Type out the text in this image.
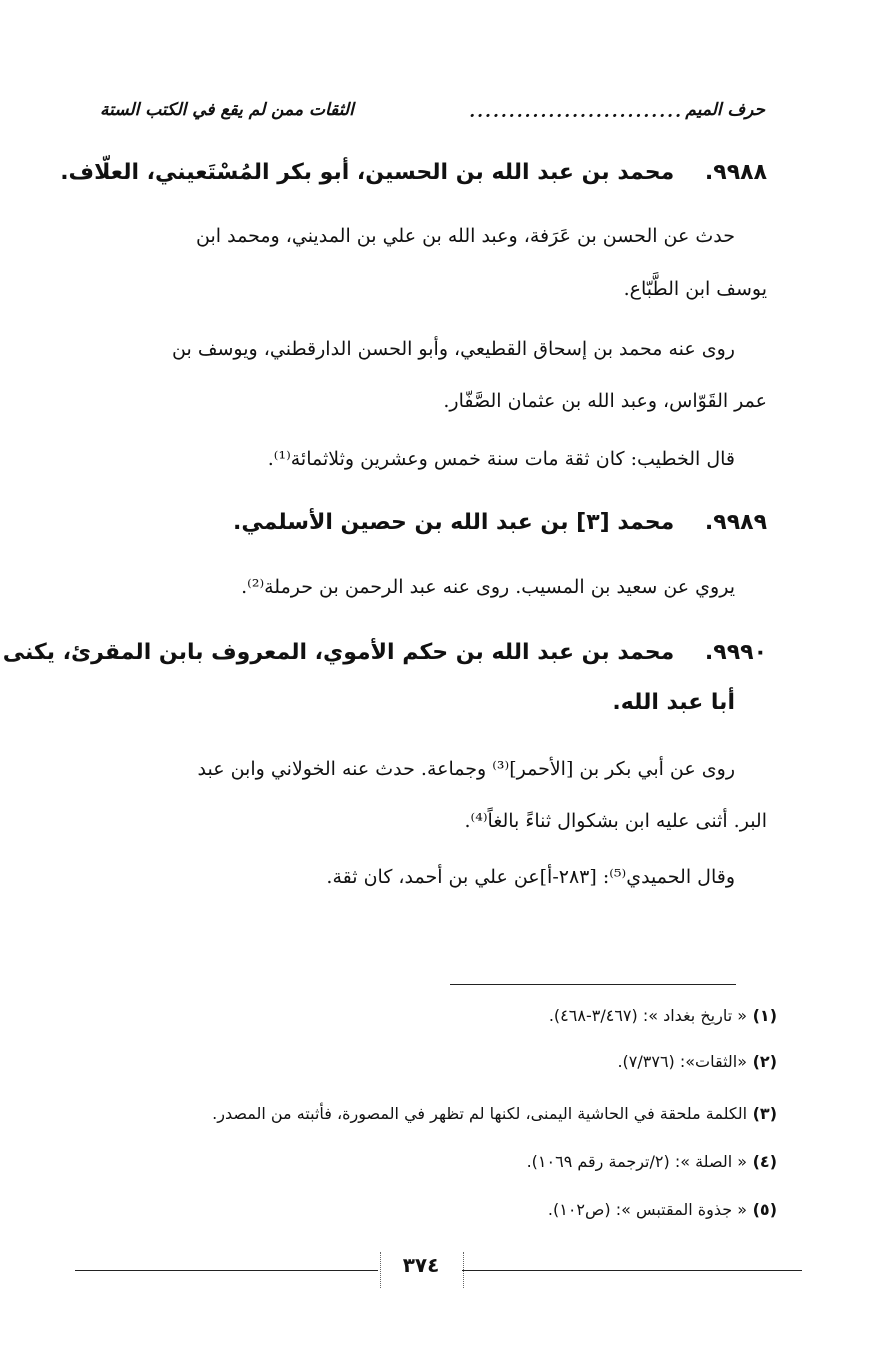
حرف الميم
...........................
الثقات ممن لم يقع في الكتب الستة
٩٩٨٨.    محمد بن عبد الله بن الحسين، أبو بكر المُسْتَعيني، العلّاف.
حدث عن الحسن بن عَرَفة، وعبد الله بن علي بن المديني، ومحمد ابن
يوسف ابن الطَّبّاع.
روى عنه محمد بن إسحاق القطيعي، وأبو الحسن الدارقطني، ويوسف بن
عمر القَوّاس، وعبد الله بن عثمان الصَّفّار.
قال الخطيب: كان ثقة مات سنة خمس وعشرين وثلاثمائة⁽¹⁾.
٩٩٨٩.    محمد [٣] بن عبد الله بن حصين الأسلمي.
يروي عن سعيد بن المسيب. روى عنه عبد الرحمن بن حرملة⁽²⁾.
٩٩٩٠.    محمد بن عبد الله بن حكم الأموي، المعروف بابن المقرئ، يكنى
أبا عبد الله.
روى عن أبي بكر بن [الأحمر]⁽³⁾ وجماعة. حدث عنه الخولاني وابن عبد
البر. أثنى عليه ابن بشكوال ثناءً بالغاً⁽⁴⁾.
وقال الحميدي⁽⁵⁾: [٢٨٣-أ]عن علي بن أحمد، كان ثقة.
(١) « تاريخ بغداد »: (٣/٤٦٧-٤٦٨).
(٢) «الثقات»: (٧/٣٧٦).
(٣) الكلمة ملحقة في الحاشية اليمنى، لكنها لم تظهر في المصورة، فأثبته من المصدر.
(٤) « الصلة »: (٢/ترجمة رقم ١٠٦٩).
(٥) « جذوة المقتبس »: (ص١٠٢).
٣٧٤
